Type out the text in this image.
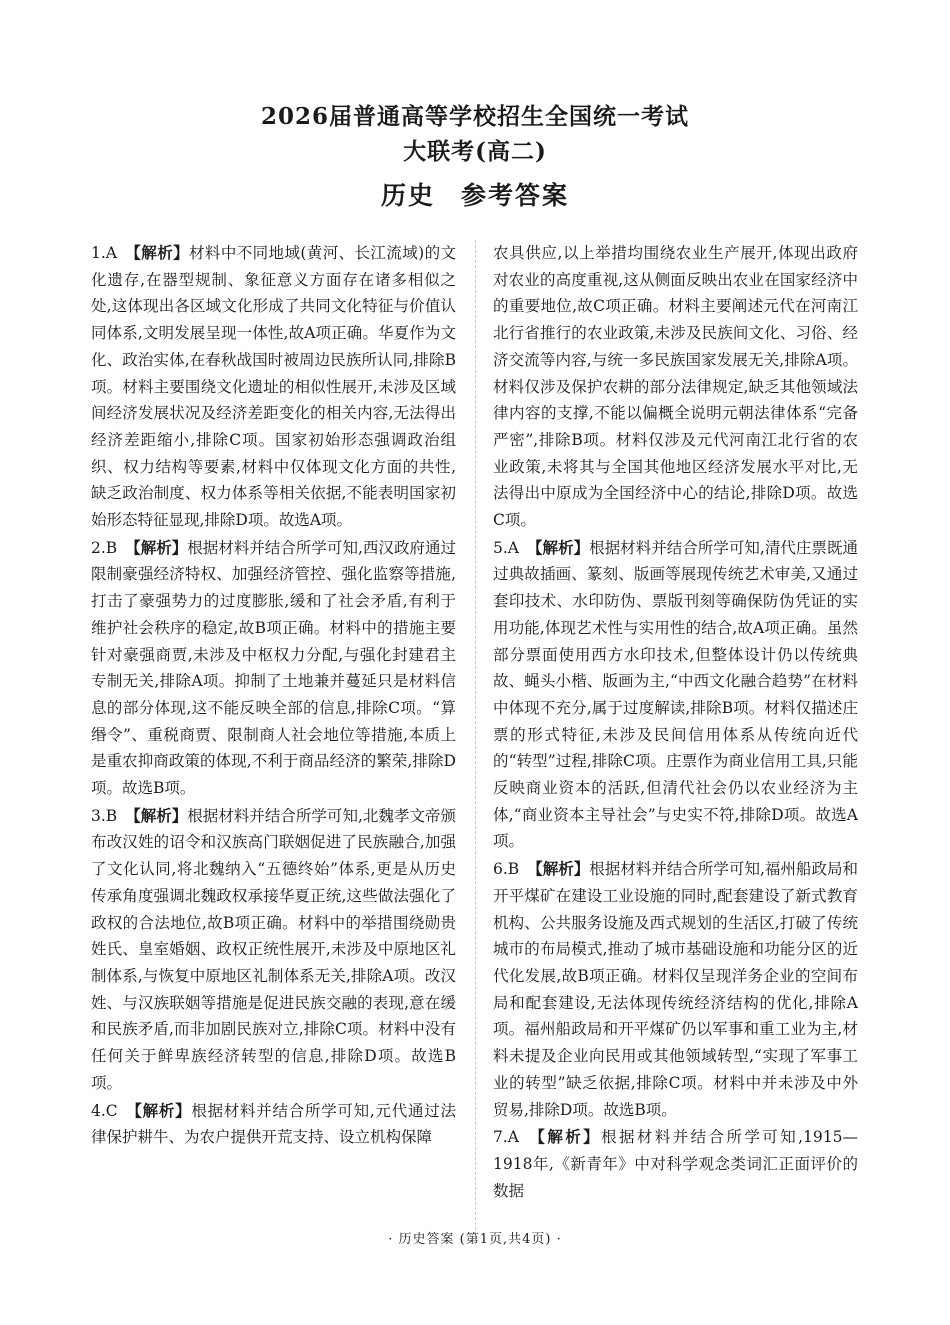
2026届普通高等学校招生全国统一考试
大联考(高二)
历史 参考答案
1.A 【解析】材料中不同地域(黄河、长江流域)的文化遗存,在器型规制、象征意义方面存在诸多相似之处,这体现出各区域文化形成了共同文化特征与价值认同体系,文明发展呈现一体性,故A项正确。华夏作为文化、政治实体,在春秋战国时被周边民族所认同,排除B项。材料主要围绕文化遗址的相似性展开,未涉及区域间经济发展状况及经济差距变化的相关内容,无法得出经济差距缩小,排除C项。国家初始形态强调政治组织、权力结构等要素,材料中仅体现文化方面的共性,缺乏政治制度、权力体系等相关依据,不能表明国家初始形态特征显现,排除D项。故选A项。
2.B 【解析】根据材料并结合所学可知,西汉政府通过限制豪强经济特权、加强经济管控、强化监察等措施,打击了豪强势力的过度膨胀,缓和了社会矛盾,有利于维护社会秩序的稳定,故B项正确。材料中的措施主要针对豪强商贾,未涉及中枢权力分配,与强化封建君主专制无关,排除A项。抑制了土地兼并蔓延只是材料信息的部分体现,这不能反映全部的信息,排除C项。“算缗令”、重税商贾、限制商人社会地位等措施,本质上是重农抑商政策的体现,不利于商品经济的繁荣,排除D项。故选B项。
3.B 【解析】根据材料并结合所学可知,北魏孝文帝颁布改汉姓的诏令和汉族高门联姻促进了民族融合,加强了文化认同,将北魏纳入“五德终始”体系,更是从历史传承角度强调北魏政权承接华夏正统,这些做法强化了政权的合法地位,故B项正确。材料中的举措围绕勋贵姓氏、皇室婚姻、政权正统性展开,未涉及中原地区礼制体系,与恢复中原地区礼制体系无关,排除A项。改汉姓、与汉族联姻等措施是促进民族交融的表现,意在缓和民族矛盾,而非加剧民族对立,排除C项。材料中没有任何关于鲜卑族经济转型的信息,排除D项。故选B项。
4.C 【解析】根据材料并结合所学可知,元代通过法律保护耕牛、为农户提供开荒支持、设立机构保障
农具供应,以上举措均围绕农业生产展开,体现出政府对农业的高度重视,这从侧面反映出农业在国家经济中的重要地位,故C项正确。材料主要阐述元代在河南江北行省推行的农业政策,未涉及民族间文化、习俗、经济交流等内容,与统一多民族国家发展无关,排除A项。材料仅涉及保护农耕的部分法律规定,缺乏其他领域法律内容的支撑,不能以偏概全说明元朝法律体系“完备严密”,排除B项。材料仅涉及元代河南江北行省的农业政策,未将其与全国其他地区经济发展水平对比,无法得出中原成为全国经济中心的结论,排除D项。故选C项。
5.A 【解析】根据材料并结合所学可知,清代庄票既通过典故插画、篆刻、版画等展现传统艺术审美,又通过套印技术、水印防伪、票版刊刻等确保防伪凭证的实用功能,体现艺术性与实用性的结合,故A项正确。虽然部分票面使用西方水印技术,但整体设计仍以传统典故、蝇头小楷、版画为主,“中西文化融合趋势”在材料中体现不充分,属于过度解读,排除B项。材料仅描述庄票的形式特征,未涉及民间信用体系从传统向近代的“转型”过程,排除C项。庄票作为商业信用工具,只能反映商业资本的活跃,但清代社会仍以农业经济为主体,“商业资本主导社会”与史实不符,排除D项。故选A项。
6.B 【解析】根据材料并结合所学可知,福州船政局和开平煤矿在建设工业设施的同时,配套建设了新式教育机构、公共服务设施及西式规划的生活区,打破了传统城市的布局模式,推动了城市基础设施和功能分区的近代化发展,故B项正确。材料仅呈现洋务企业的空间布局和配套建设,无法体现传统经济结构的优化,排除A项。福州船政局和开平煤矿仍以军事和重工业为主,材料未提及企业向民用或其他领域转型,“实现了军事工业的转型”缺乏依据,排除C项。材料中并未涉及中外贸易,排除D项。故选B项。
7.A 【解析】根据材料并结合所学可知,1915—1918年,《新青年》中对科学观念类词汇正面评价的数据
· 历史答案 (第1页,共4页) ·
